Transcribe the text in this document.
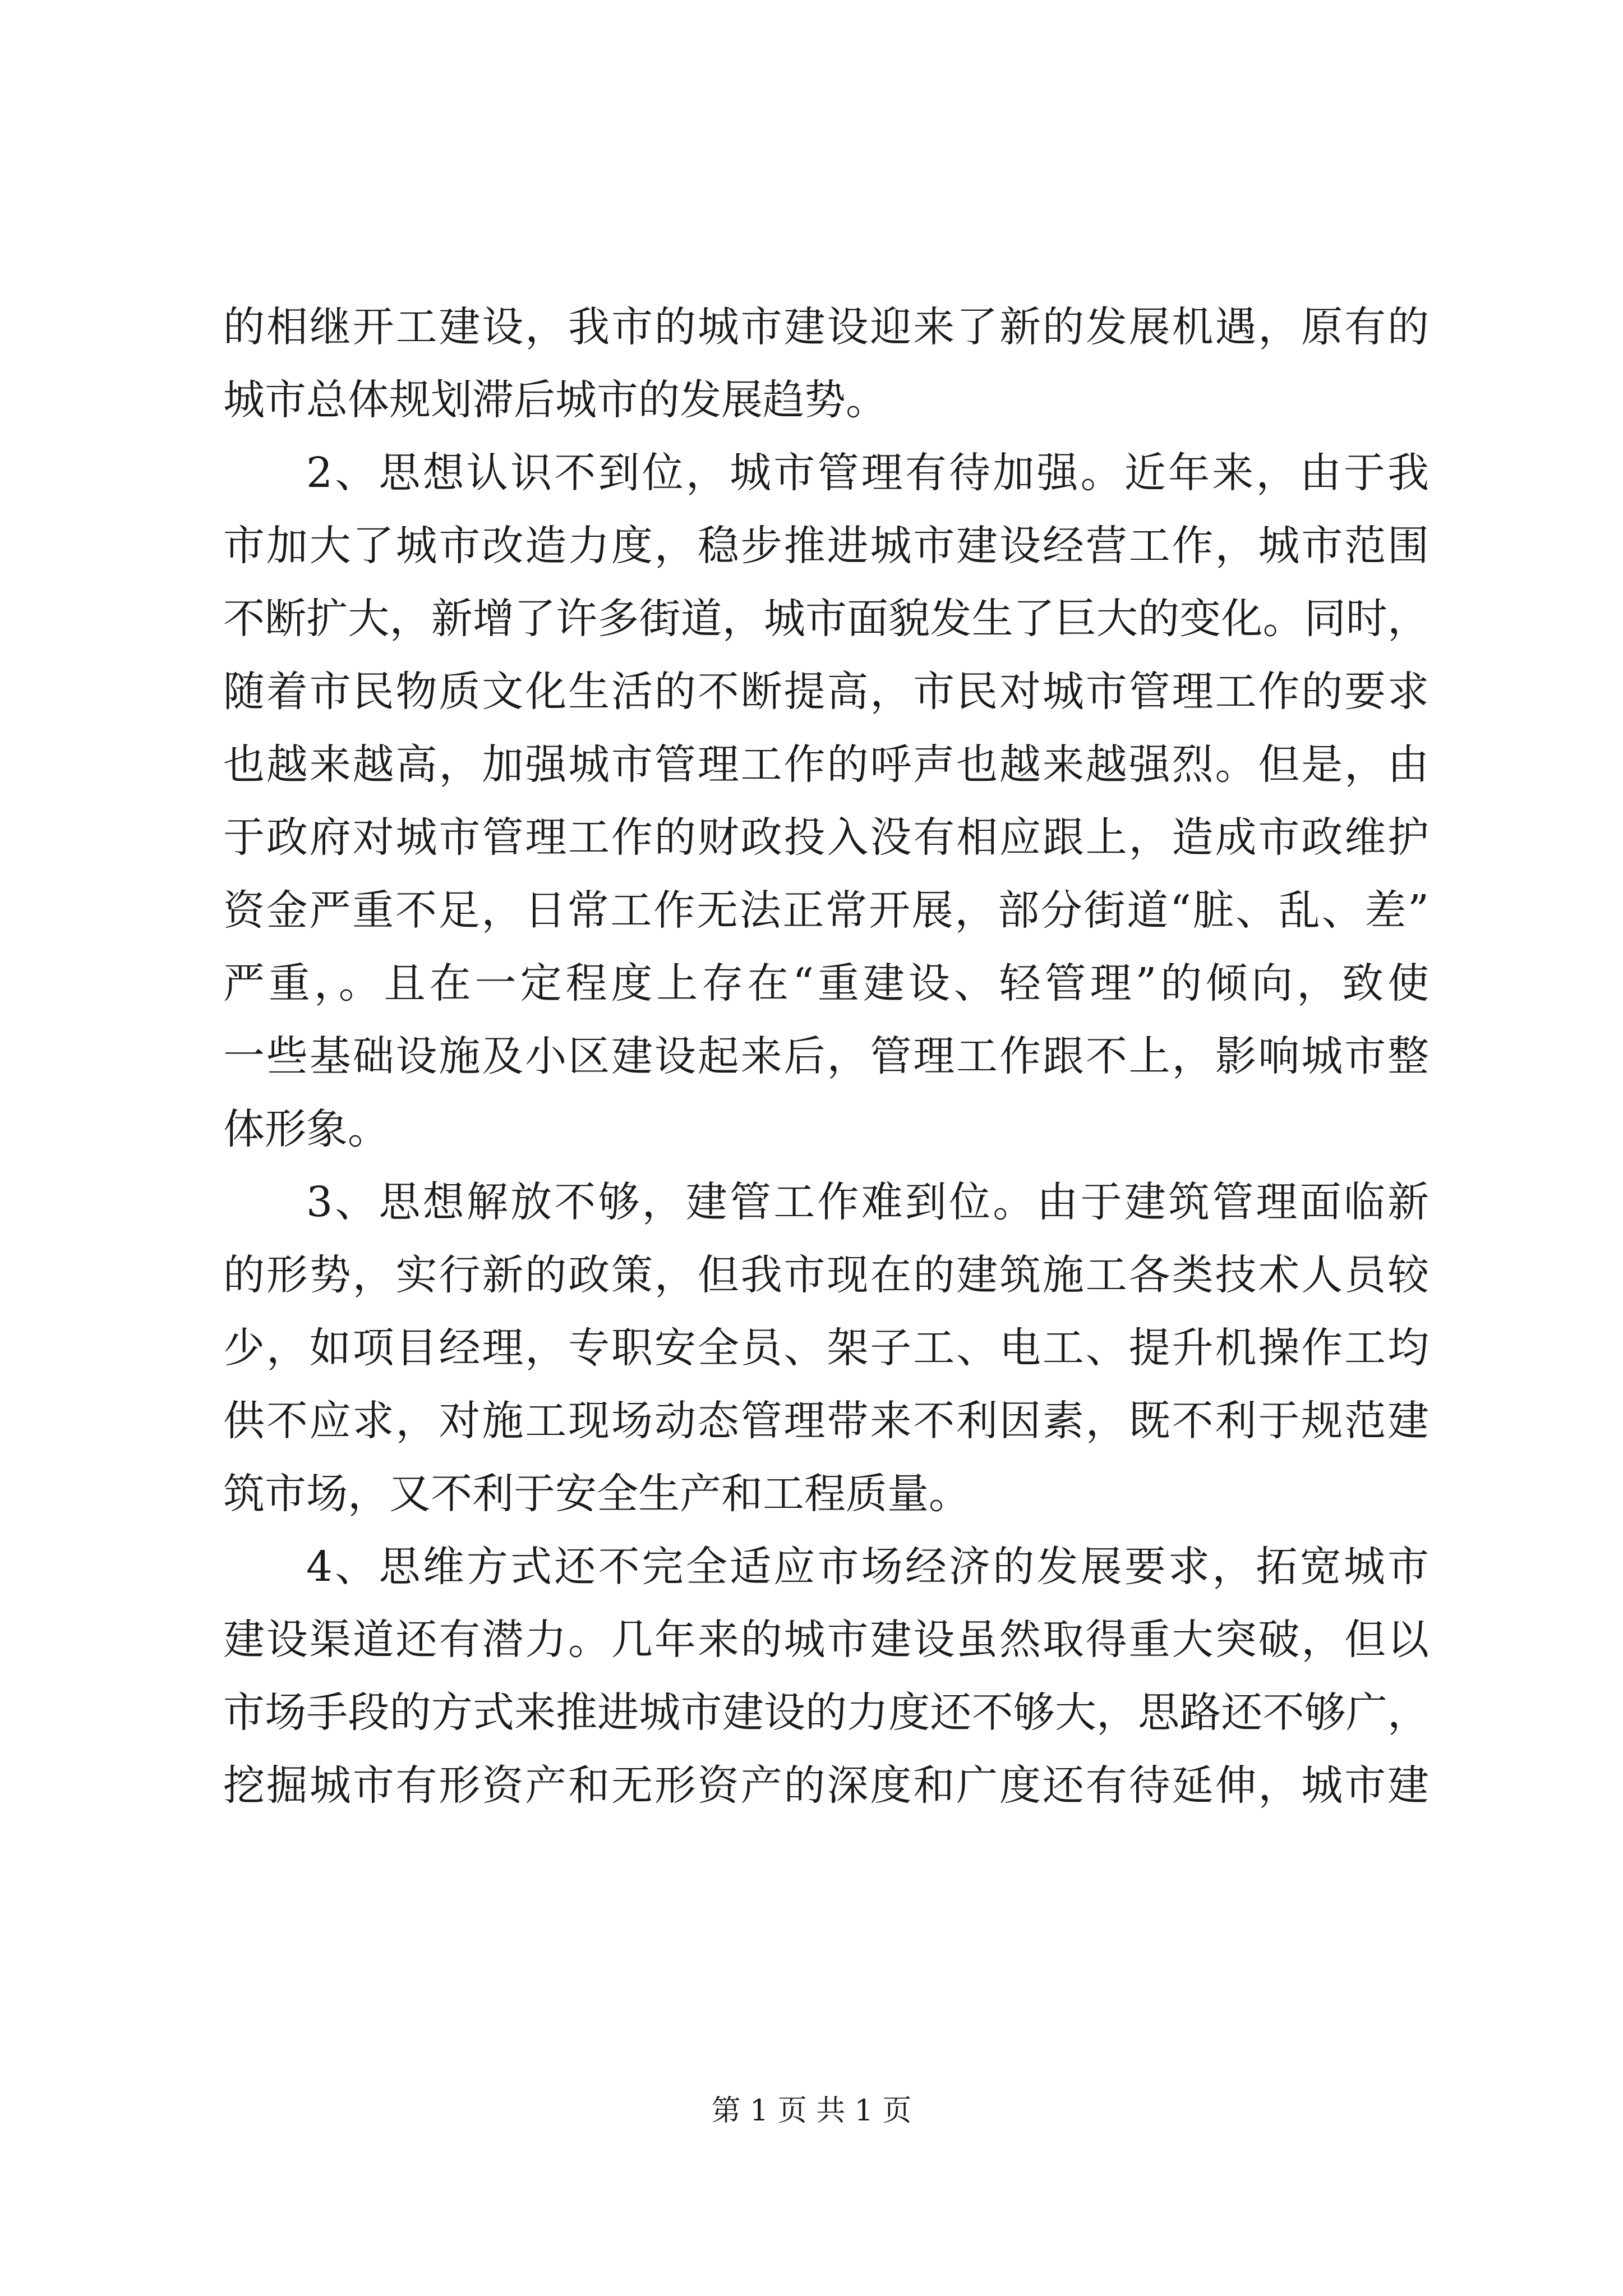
的相继开工建设，我市的城市建设迎来了新的发展机遇，原有的
城市总体规划滞后城市的发展趋势。
2、思想认识不到位，城市管理有待加强。近年来，由于我
市加大了城市改造力度，稳步推进城市建设经营工作，城市范围
不断扩大，新增了许多街道，城市面貌发生了巨大的变化。同时，
随着市民物质文化生活的不断提高，市民对城市管理工作的要求
也越来越高，加强城市管理工作的呼声也越来越强烈。但是，由
于政府对城市管理工作的财政投入没有相应跟上，造成市政维护
资金严重不足，日常工作无法正常开展，部分街道“脏、乱、差”
严重，。且在一定程度上存在“重建设、轻管理”的倾向，致使
一些基础设施及小区建设起来后，管理工作跟不上，影响城市整
体形象。
3、思想解放不够，建管工作难到位。由于建筑管理面临新
的形势，实行新的政策，但我市现在的建筑施工各类技术人员较
少，如项目经理，专职安全员、架子工、电工、提升机操作工均
供不应求，对施工现场动态管理带来不利因素，既不利于规范建
筑市场，又不利于安全生产和工程质量。
4、思维方式还不完全适应市场经济的发展要求，拓宽城市
建设渠道还有潜力。几年来的城市建设虽然取得重大突破，但以
市场手段的方式来推进城市建设的力度还不够大，思路还不够广，
挖掘城市有形资产和无形资产的深度和广度还有待延伸，城市建
第 1 页 共 1 页
